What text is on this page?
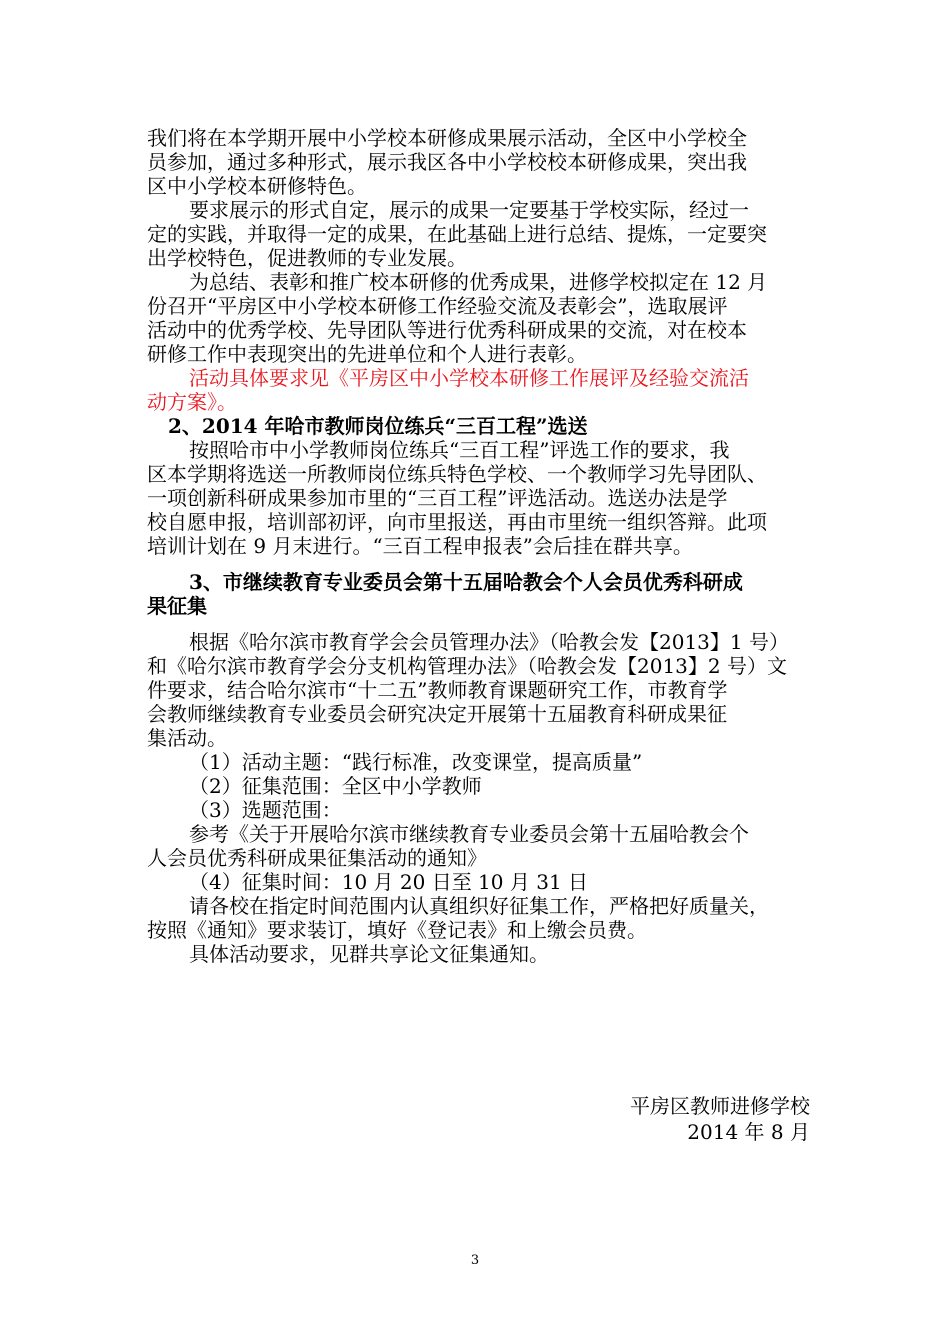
我们将在本学期开展中小学校本研修成果展示活动，全区中小学校全
员参加，通过多种形式，展示我区各中小学校校本研修成果，突出我
区中小学校本研修特色。
要求展示的形式自定，展示的成果一定要基于学校实际，经过一
定的实践，并取得一定的成果，在此基础上进行总结、提炼，一定要突
出学校特色，促进教师的专业发展。
为总结、表彰和推广校本研修的优秀成果，进修学校拟定在 12 月
份召开“平房区中小学校本研修工作经验交流及表彰会”，选取展评
活动中的优秀学校、先导团队等进行优秀科研成果的交流，对在校本
研修工作中表现突出的先进单位和个人进行表彰。
活动具体要求见《平房区中小学校本研修工作展评及经验交流活
动方案》。
2、2014 年哈市教师岗位练兵“三百工程”选送
按照哈市中小学教师岗位练兵“三百工程”评选工作的要求，我
区本学期将选送一所教师岗位练兵特色学校、一个教师学习先导团队、
一项创新科研成果参加市里的“三百工程”评选活动。选送办法是学
校自愿申报，培训部初评，向市里报送，再由市里统一组织答辩。此项
培训计划在 9 月末进行。“三百工程申报表”会后挂在群共享。
3、市继续教育专业委员会第十五届哈教会个人会员优秀科研成
果征集
根据《哈尔滨市教育学会会员管理办法》（哈教会发【2013】1 号）
和《哈尔滨市教育学会分支机构管理办法》（哈教会发【2013】2 号）文
件要求，结合哈尔滨市“十二五”教师教育课题研究工作，市教育学
会教师继续教育专业委员会研究决定开展第十五届教育科研成果征
集活动。
（1）活动主题：“践行标准，改变课堂，提高质量”
（2）征集范围：全区中小学教师
（3）选题范围：
参考《关于开展哈尔滨市继续教育专业委员会第十五届哈教会个
人会员优秀科研成果征集活动的通知》
（4）征集时间：10 月 20 日至 10 月 31 日
请各校在指定时间范围内认真组织好征集工作，严格把好质量关，
按照《通知》要求装订，填好《登记表》和上缴会员费。
具体活动要求，见群共享论文征集通知。
平房区教师进修学校
2014 年 8 月
3
